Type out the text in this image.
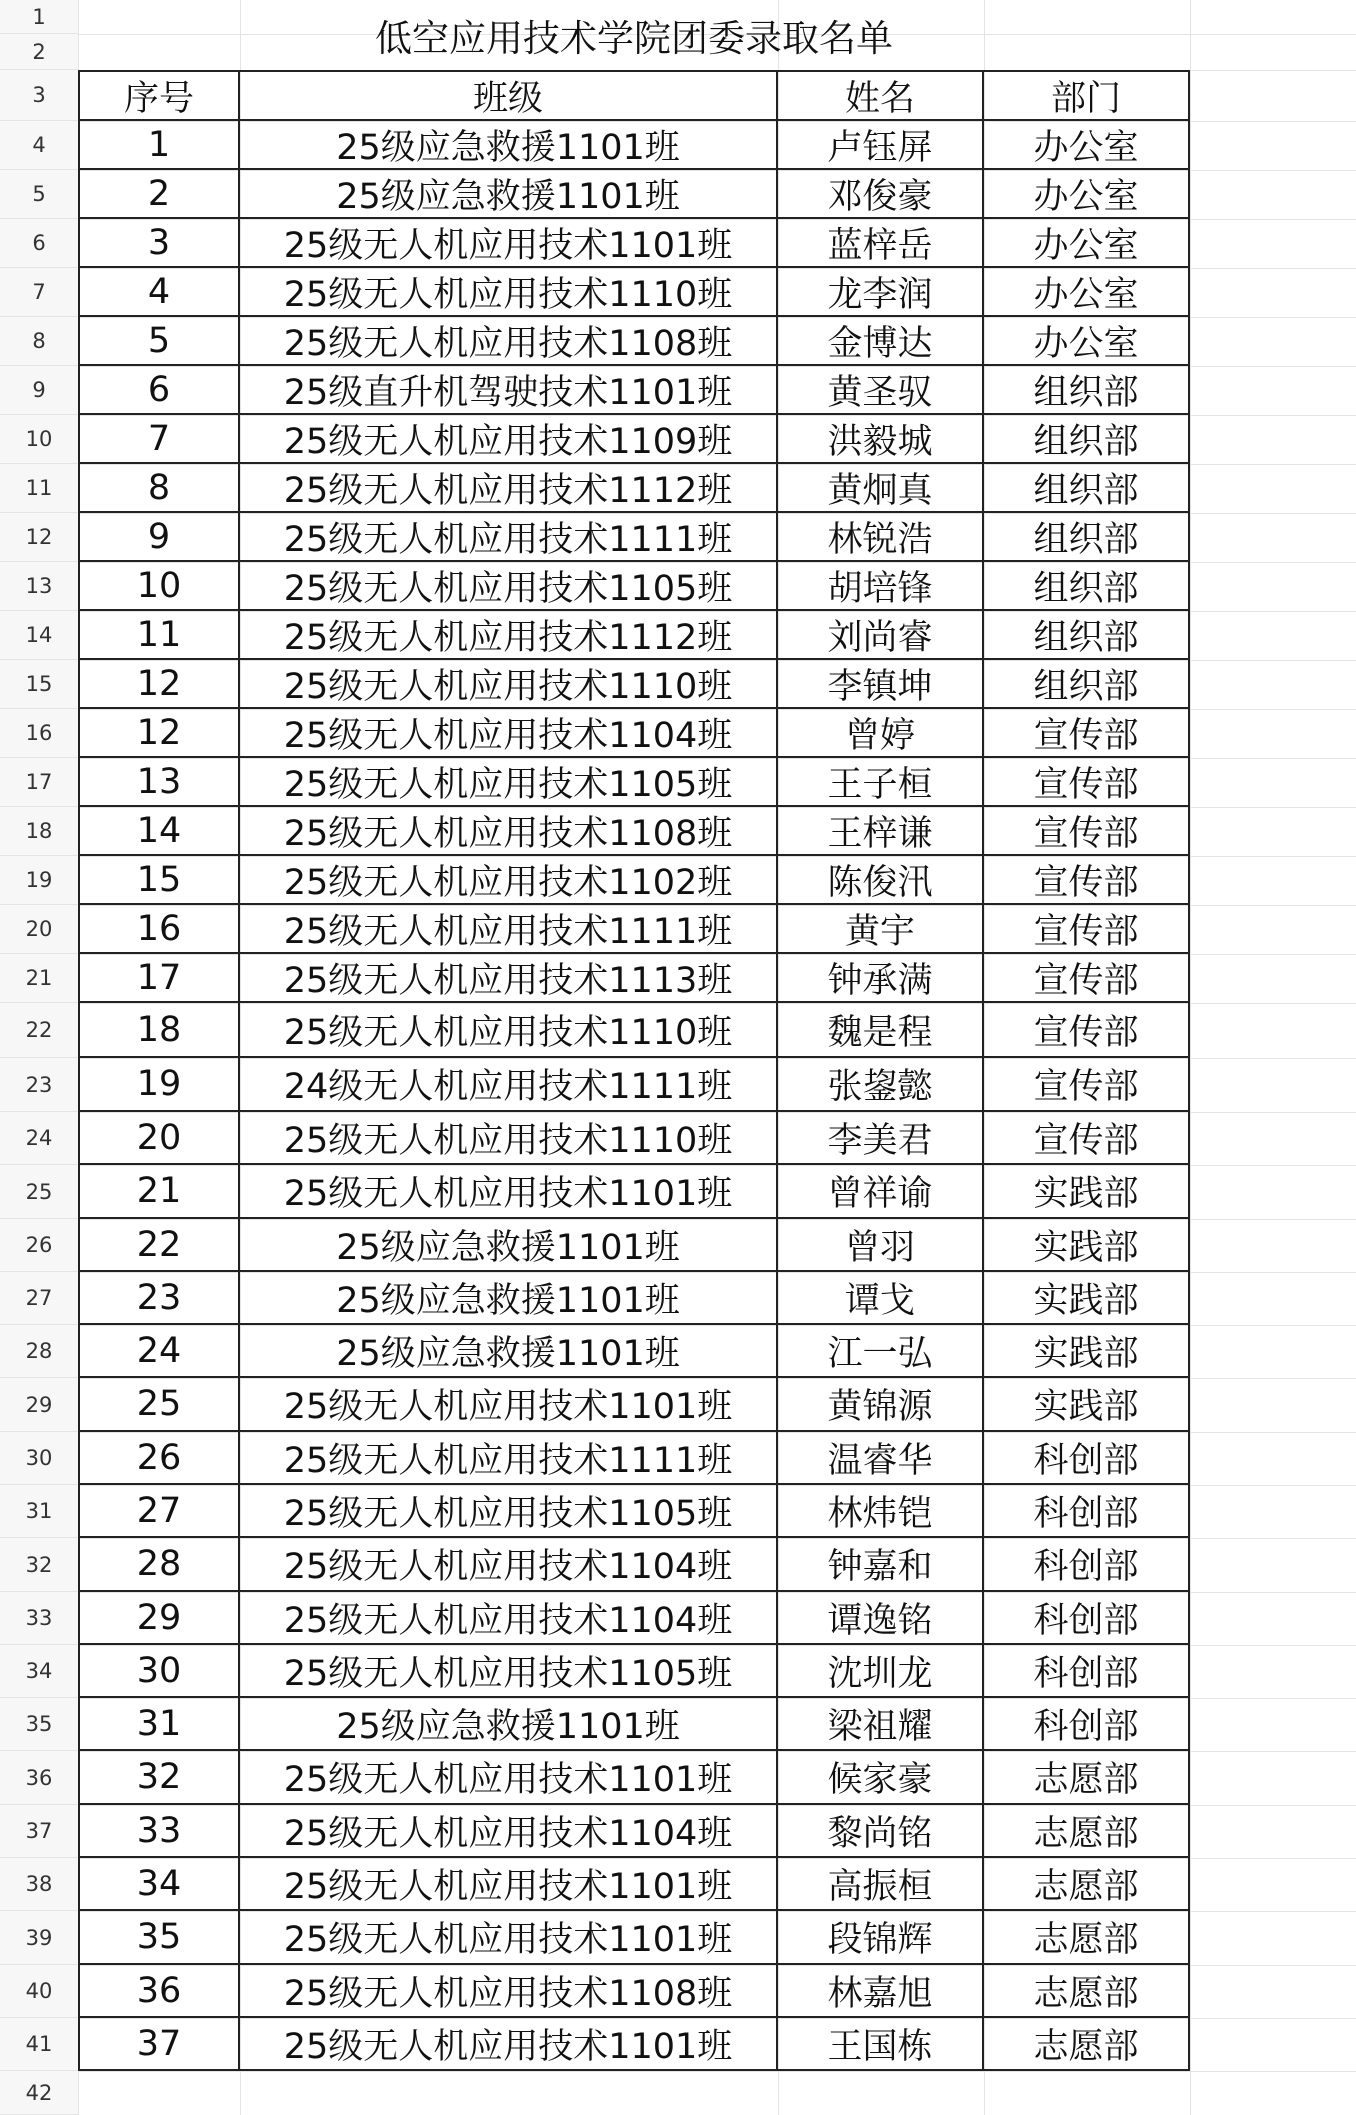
1
2
3
4
5
6
7
8
9
10
11
12
13
14
15
16
17
18
19
20
21
22
23
24
25
26
27
28
29
30
31
32
33
34
35
36
37
38
39
40
41
42
低空应用技术学院团委录取名单
序号	班级	姓名	部门
1	25级应急救援1101班	卢钰屏	办公室
2	25级应急救援1101班	邓俊豪	办公室
3	25级无人机应用技术1101班	蓝梓岳	办公室
4	25级无人机应用技术1110班	龙李润	办公室
5	25级无人机应用技术1108班	金博达	办公室
6	25级直升机驾驶技术1101班	黄圣驭	组织部
7	25级无人机应用技术1109班	洪毅城	组织部
8	25级无人机应用技术1112班	黄炯真	组织部
9	25级无人机应用技术1111班	林锐浩	组织部
10	25级无人机应用技术1105班	胡培锋	组织部
11	25级无人机应用技术1112班	刘尚睿	组织部
12	25级无人机应用技术1110班	李镇坤	组织部
12	25级无人机应用技术1104班	曾婷	宣传部
13	25级无人机应用技术1105班	王子桓	宣传部
14	25级无人机应用技术1108班	王梓谦	宣传部
15	25级无人机应用技术1102班	陈俊汛	宣传部
16	25级无人机应用技术1111班	黄宇	宣传部
17	25级无人机应用技术1113班	钟承满	宣传部
18	25级无人机应用技术1110班	魏是程	宣传部
19	24级无人机应用技术1111班	张鋆懿	宣传部
20	25级无人机应用技术1110班	李美君	宣传部
21	25级无人机应用技术1101班	曾祥谕	实践部
22	25级应急救援1101班	曾羽	实践部
23	25级应急救援1101班	谭戈	实践部
24	25级应急救援1101班	江一弘	实践部
25	25级无人机应用技术1101班	黄锦源	实践部
26	25级无人机应用技术1111班	温睿华	科创部
27	25级无人机应用技术1105班	林炜铠	科创部
28	25级无人机应用技术1104班	钟嘉和	科创部
29	25级无人机应用技术1104班	谭逸铭	科创部
30	25级无人机应用技术1105班	沈圳龙	科创部
31	25级应急救援1101班	梁祖耀	科创部
32	25级无人机应用技术1101班	候家豪	志愿部
33	25级无人机应用技术1104班	黎尚铭	志愿部
34	25级无人机应用技术1101班	高振桓	志愿部
35	25级无人机应用技术1101班	段锦辉	志愿部
36	25级无人机应用技术1108班	林嘉旭	志愿部
37	25级无人机应用技术1101班	王国栋	志愿部
